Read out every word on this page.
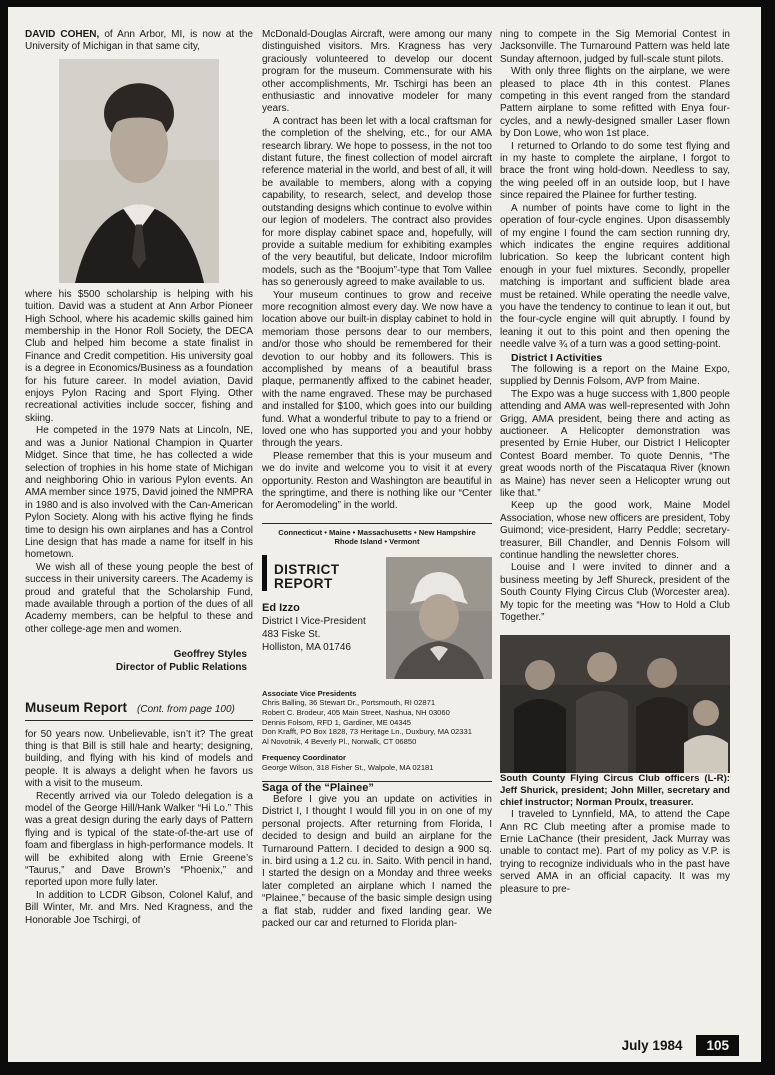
DAVID COHEN, of Ann Arbor, MI, is now at the University of Michigan in that same city,

where his $500 scholarship is helping with his tuition. David was a student at Ann Arbor Pioneer High School, where his academic skills gained him membership in the Honor Roll Society, the DECA Club and helped him become a state finalist in Finance and Credit competition. His university goal is a degree in Economics/Business as a foundation for his future career. In model aviation, David enjoys Pylon Racing and Sport Flying. Other recreational activities include soccer, fishing and skiing.

He competed in the 1979 Nats at Lincoln, NE, and was a Junior National Champion in Quarter Midget. Since that time, he has collected a wide selection of trophies in his home state of Michigan and neighboring Ohio in various Pylon events. An AMA member since 1975, David joined the NMPRA in 1980 and is also involved with the Can-American Pylon Society. Along with his active flying he finds time to design his own airplanes and has a Control Line design that has made a name for itself in his hometown.

We wish all of these young people the best of success in their university careers. The Academy is proud and grateful that the Scholarship Fund, made available through a portion of the dues of all Academy members, can be helpful to these and other college-age men and women.

Geoffrey Styles
Director of Public Relations
Museum Report (Cont. from page 100)

for 50 years now. Unbelievable, isn’t it? The great thing is that Bill is still hale and hearty; designing, building, and flying with his kind of models and people. It is always a delight when he favors us with a visit to the museum.

Recently arrived via our Toledo delegation is a model of the George Hill/Hank Walker “Hi Lo.” This was a great design during the early days of Pattern flying and is typical of the state-of-the-art use of foam and fiberglass in high-performance models. It will be exhibited along with Ernie Greene’s “Taurus,” and Dave Brown’s “Phoenix,” and reported upon more fully later.

In addition to LCDR Gibson, Colonel Kaluf, and Bill Winter, Mr. and Mrs. Ned Kragness, and the Honorable Joe Tschirgi, of

McDonald-Douglas Aircraft, were among our many distinguished visitors. Mrs. Kragness has very graciously volunteered to develop our docent program for the museum. Commensurate with his other accomplishments, Mr. Tschirgi has been an enthusiastic and innovative modeler for many years.

A contract has been let with a local craftsman for the completion of the shelving, etc., for our AMA research library. We hope to possess, in the not too distant future, the finest collection of model aircraft reference material in the world, and best of all, it will be available to members, along with a copying capability, to research, select, and develop those outstanding designs which continue to evolve within our legion of modelers. The contract also provides for more display cabinet space and, hopefully, will provide a suitable medium for exhibiting examples of the very beautiful, but delicate, Indoor microfilm models, such as the “Boojum”-type that Tom Vallee has so generously agreed to make available to us.

Your museum continues to grow and receive more recognition almost every day. We now have a location above our built-in display cabinet to hold in memoriam those persons dear to our members, and/or those who should be remembered for their devotion to our hobby and its followers. This is accomplished by means of a beautiful brass plaque, permanently affixed to the cabinet header, with the name engraved. These may be purchased and installed for $100, which goes into our building fund. What a wonderful tribute to pay to a friend or loved one who has supported you and your hobby through the years.

Please remember that this is your museum and we do invite and welcome you to visit it at every opportunity. Reston and Washington are beautiful in the springtime, and there is nothing like our “Center for Aeromodeling” in the world.

Connecticut • Maine • Massachusetts • New Hampshire
Rhode Island • Vermont
DISTRICT REPORT
Ed Izzo
District I Vice-President
483 Fiske St.
Holliston, MA 01746
Associate Vice Presidents
Chris Balling, 36 Stewart Dr., Portsmouth, RI 02871
Robert C. Brodeur, 405 Main Street, Nashua, NH 03060
Dennis Folsom, RFD 1, Gardiner, ME 04345
Don Krafft, PO Box 1828, 73 Heritage Ln., Duxbury, MA 02331
Al Novotnik, 4 Beverly Pl., Norwalk, CT 06850
Frequency Coordinator
George Wilson, 318 Fisher St., Walpole, MA 02181

Saga of the “Plainee”

Before I give you an update on activities in District I, I thought I would fill you in on one of my personal projects. After returning from Florida, I decided to design and build an airplane for the Turnaround Pattern. I decided to design a 900 sq. in. bird using a 1.2 cu. in. Saito. With pencil in hand, I started the design on a Monday and three weeks later completed an airplane which I named the “Plainee,” because of the basic simple design using a flat stab, rudder and fixed landing gear. We packed our car and returned to Florida plan-

ning to compete in the Sig Memorial Contest in Jacksonville. The Turnaround Pattern was held late Sunday afternoon, judged by full-scale stunt pilots.

With only three flights on the airplane, we were pleased to place 4th in this contest. Planes competing in this event ranged from the standard Pattern airplane to some refitted with Enya four-cycles, and a newly-designed smaller Laser flown by Don Lowe, who won 1st place.

I returned to Orlando to do some test flying and in my haste to complete the airplane, I forgot to brace the front wing hold-down. Needless to say, the wing peeled off in an outside loop, but I have since repaired the Plainee for further testing.

A number of points have come to light in the operation of four-cycle engines. Upon disassembly of my engine I found the cam section running dry, which indicates the engine requires additional lubrication. So keep the lubricant content high enough in your fuel mixtures. Secondly, propeller matching is important and sufficient blade area must be retained. While operating the needle valve, you have the tendency to continue to lean it out, but the four-cycle engine will quit abruptly. I found by leaning it out to this point and then opening the needle valve ¾ of a turn was a good setting-point.

District I Activities

The following is a report on the Maine Expo, supplied by Dennis Folsom, AVP from Maine.

The Expo was a huge success with 1,800 people attending and AMA was well-represented with John Grigg, AMA president, being there and acting as auctioneer. A Helicopter demonstration was presented by Ernie Huber, our District I Helicopter Contest Board member. To quote Dennis, “The great woods north of the Piscataqua River (known as Maine) has never seen a Helicopter wrung out like that.”

Keep up the good work, Maine Model Association, whose new officers are president, Toby Guimond; vice-president, Harry Peddle; secretary-treasurer, Bill Chandler, and Dennis Folsom will continue handling the newsletter chores.

Louise and I were invited to dinner and a business meeting by Jeff Shureck, president of the South County Flying Circus Club (Worcester area). My topic for the meeting was “How to Hold a Club Together.”

South County Flying Circus Club officers (L-R): Jeff Shurick, president; John Miller, secretary and chief instructor; Norman Proulx, treasurer.

I traveled to Lynnfield, MA, to attend the Cape Ann RC Club meeting after a promise made to Ernie LaChance (their president, Jack Murray was unable to contact me). Part of my policy as V.P. is trying to recognize individuals who in the past have served AMA in an official capacity. It was my pleasure to pre-

July 1984	105
